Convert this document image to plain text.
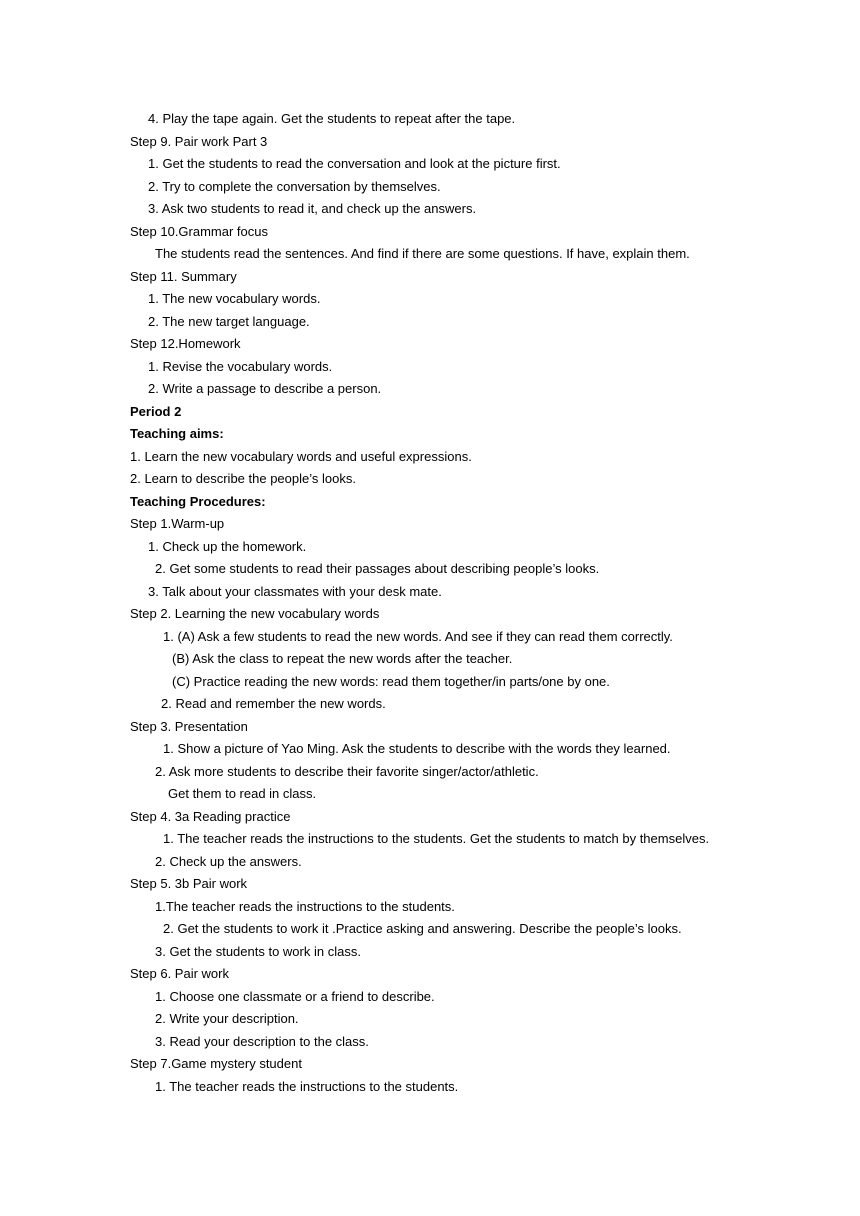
4. Play the tape again. Get the students to repeat after the tape.
Step 9. Pair work Part 3
1. Get the students to read the conversation and look at the picture first.
2. Try to complete the conversation by themselves.
3. Ask two students to read it, and check up the answers.
Step 10.Grammar focus
The students read the sentences. And find if there are some questions. If have, explain them.
Step 11. Summary
1. The new vocabulary words.
2. The new target language.
Step 12.Homework
1. Revise the vocabulary words.
2. Write a passage to describe a person.
Period 2
Teaching aims:
1. Learn the new vocabulary words and useful expressions.
2. Learn to describe the people’s looks.
Teaching Procedures:
Step 1.Warm-up
1. Check up the homework.
2. Get some students to read their passages about describing people’s looks.
3. Talk about your classmates with your desk mate.
Step 2. Learning the new vocabulary words
1. (A) Ask a few students to read the new words. And see if they can read them correctly.
(B) Ask the class to repeat the new words after the teacher.
(C) Practice reading the new words: read them together/in parts/one by one.
2. Read and remember the new words.
Step 3. Presentation
1. Show a picture of Yao Ming. Ask the students to describe with the words they learned.
2. Ask more students to describe their favorite singer/actor/athletic.
Get them to read in class.
Step 4. 3a Reading practice
1. The teacher reads the instructions to the students. Get the students to match by themselves.
2. Check up the answers.
Step 5. 3b Pair work
1.The teacher reads the instructions to the students.
2. Get the students to work it .Practice asking and answering. Describe the people’s looks.
3. Get the students to work in class.
Step 6. Pair work
1. Choose one classmate or a friend to describe.
2. Write your description.
3. Read your description to the class.
Step 7.Game mystery student
1. The teacher reads the instructions to the students.
